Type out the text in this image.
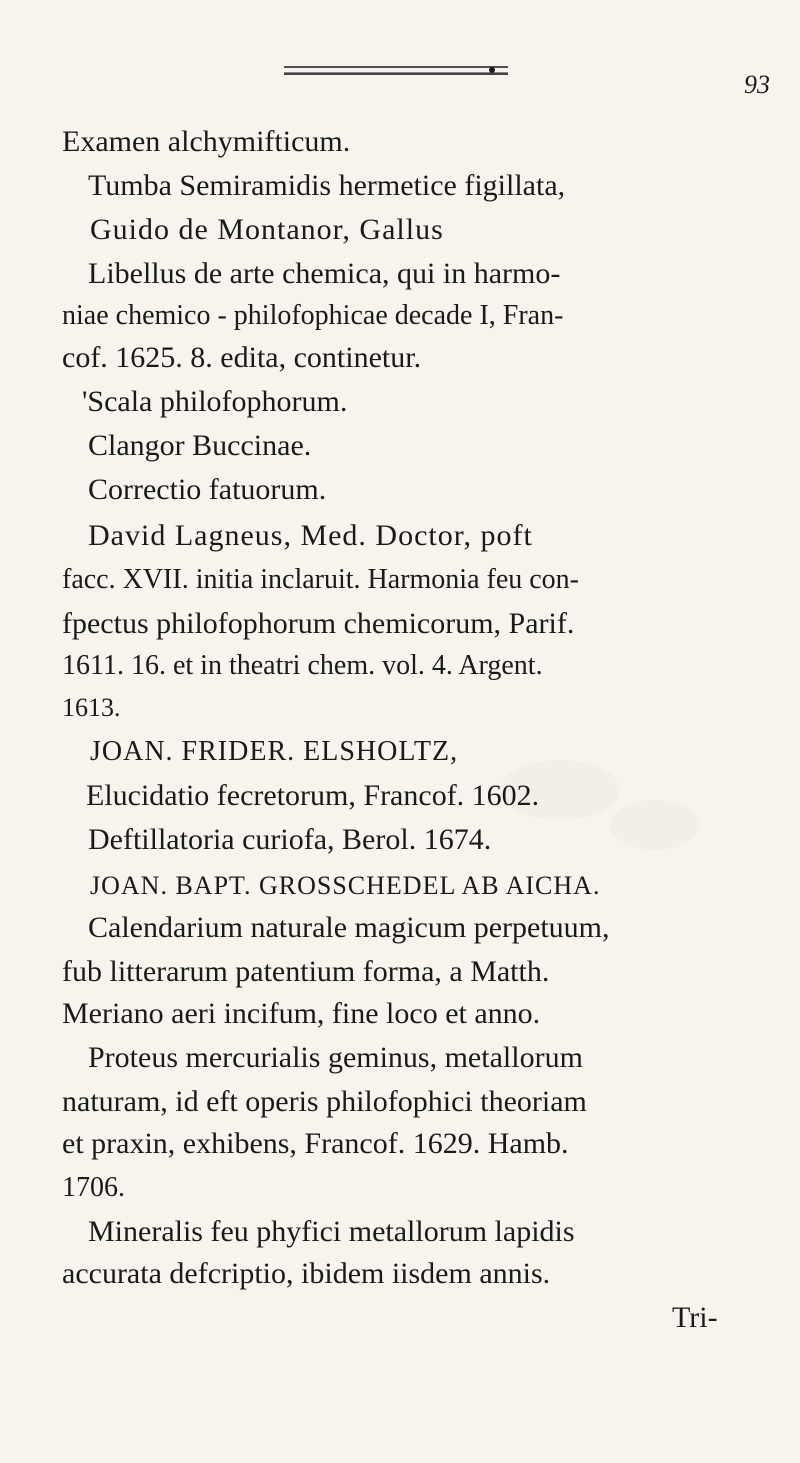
93
Examen alchymifticum.
Tumba Semiramidis hermetice figillata,
Guido de Montanor, Gallus
Libellus de arte chemica, qui in harmo-
niae chemico - philofophicae decade I, Fran-
cof. 1625. 8. edita, continetur.
'Scala philofophorum.
Clangor Buccinae.
Correctio fatuorum.
David Lagneus, Med. Doctor, poft
facc. XVII. initia inclaruit. Harmonia feu con-
fpectus philofophorum chemicorum, Parif.
1611. 16. et in theatri chem. vol. 4. Argent.
1613.
JOAN. FRIDER. ELSHOLTZ,
Elucidatio fecretorum, Francof. 1602.
Deftillatoria curiofa, Berol. 1674.
JOAN. BAPT. GROSSCHEDEL AB AICHA.
Calendarium naturale magicum perpetuum,
fub litterarum patentium forma, a Matth.
Meriano aeri incifum, fine loco et anno.
Proteus mercurialis geminus, metallorum
naturam, id eft operis philofophici theoriam
et praxin, exhibens, Francof. 1629. Hamb.
1706.
Mineralis feu phyfici metallorum lapidis
accurata defcriptio, ibidem iisdem annis.
Tri-
